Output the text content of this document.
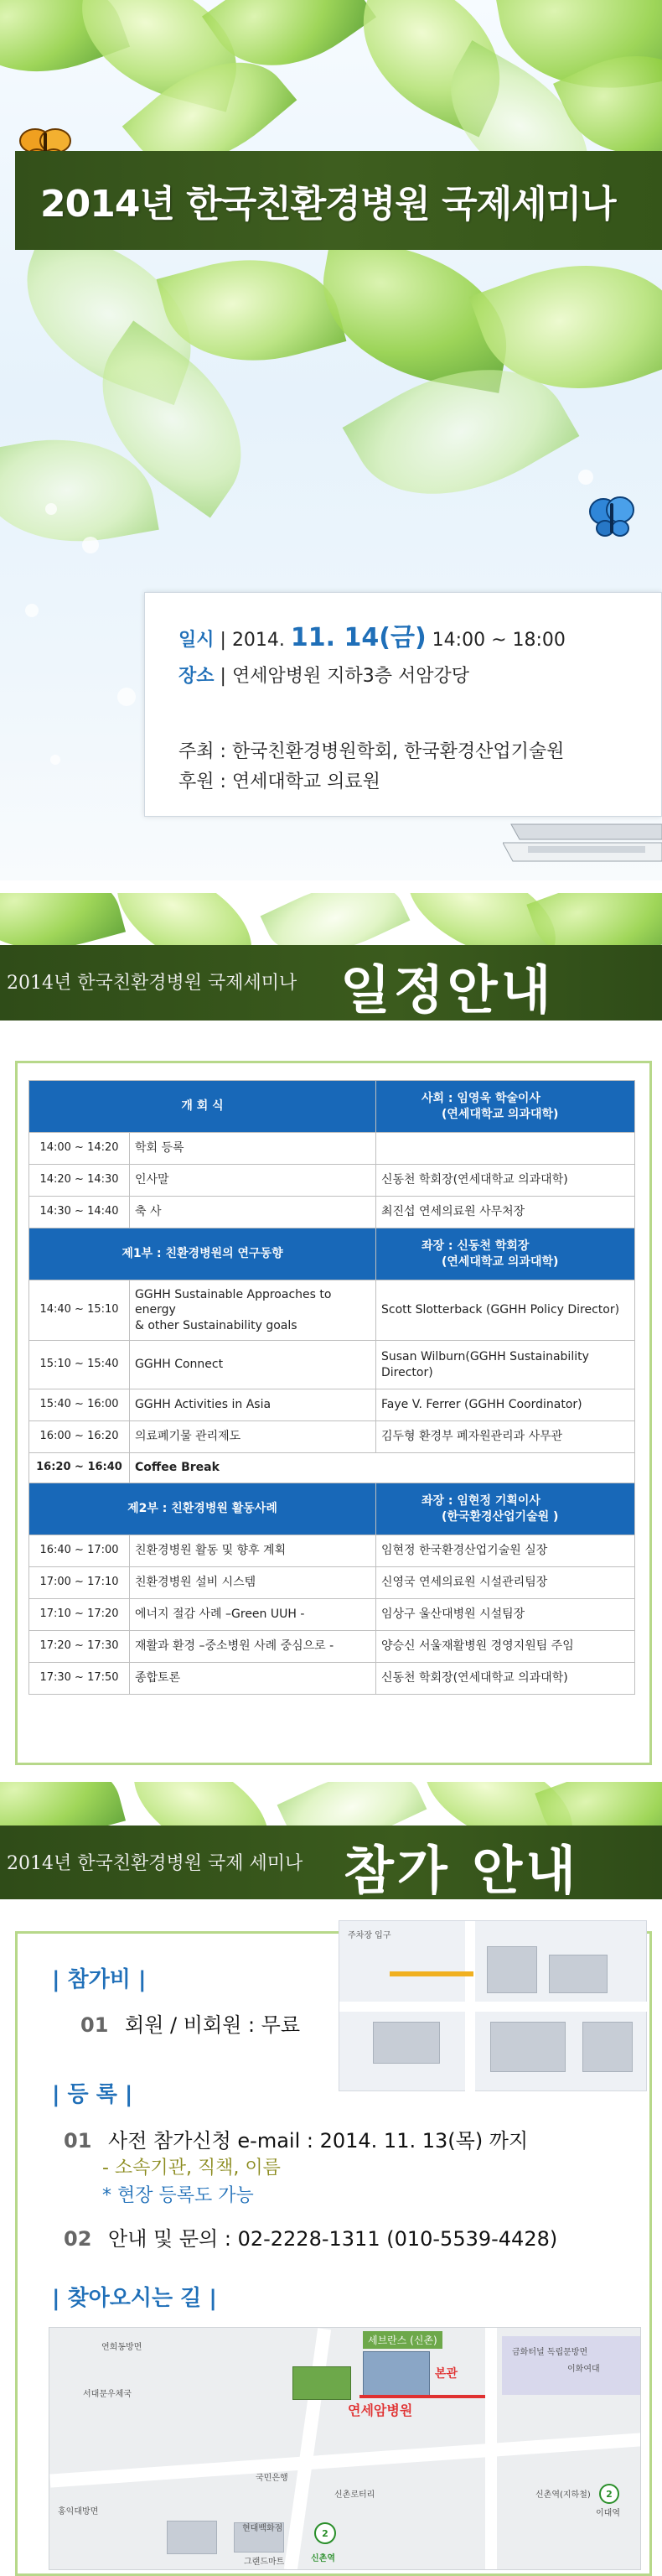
2014년 한국친환경병원 국제세미나
일시 | 2014. 11. 14(금) 14:00 ~ 18:00
장소 | 연세암병원 지하3층 서암강당
주최 : 한국친환경병원학회, 한국환경산업기술원
후원 : 연세대학교 의료원
2014년 한국친환경병원 국제세미나 일정안내
개 회 식		사회 : 임영욱 학술이사
(연세대학교 의과대학)

14:00 ~ 14:20	학회 등록	
14:20 ~ 14:30	인사말	신동천 학회장(연세대학교 의과대학)
14:30 ~ 14:40	축 사	최진섭 연세의료원 사무처장
제1부 : 친환경병원의 연구동향		좌장 : 신동천 학회장
(연세대학교 의과대학)

14:40 ~ 15:10	GGHH Sustainable Approaches to energy
& other Sustainability goals	Scott Slotterback (GGHH Policy Director)
15:10 ~ 15:40	GGHH Connect	Susan Wilburn(GGHH Sustainability Director)
15:40 ~ 16:00	GGHH Activities in Asia	Faye V. Ferrer (GGHH Coordinator)
16:00 ~ 16:20	의료폐기물 관리제도	김두형 환경부 폐자원관리과 사무관
16:20 ~ 16:40	Coffee Break	
제2부 : 친환경병원 활동사례		좌장 : 임현정 기획이사
(한국환경산업기술원 )

16:40 ~ 17:00	친환경병원 활동 및 향후 계획	임현정 한국환경산업기술원 실장
17:00 ~ 17:10	친환경병원 설비 시스템	신영국 연세의료원 시설관리팀장
17:10 ~ 17:20	에너지 절감 사례 –Green UUH -	임상구 울산대병원 시설팀장
17:20 ~ 17:30	재활과 환경 –중소병원 사례 중심으로 -	양승신 서울재활병원 경영지원팀 주임
17:30 ~ 17:50	종합토론	신동천 학회장(연세대학교 의과대학)
2014년 한국친환경병원 국제 세미나 참가 안내
| 참가비 |
01 회원 / 비회원 : 무료
주차장 입구
| 등 록 |
01 사전 참가신청 e-mail : 2014. 11. 13(목) 까지
- 소속기관, 직책, 이름
* 현장 등록도 가능
02 안내 및 문의 : 02-2228-1311 (010-5539-4428)
| 찾아오시는 길 |
연희동방면
세브란스 (신촌)
본관
연세암병원
금화터널 독립문방면
서대문우체국
이화여대
신촌역(지하철)
국민은행
현대백화점
그랜드마트	신촌역
신촌로터리
홍익대방면	이대역
2
2
